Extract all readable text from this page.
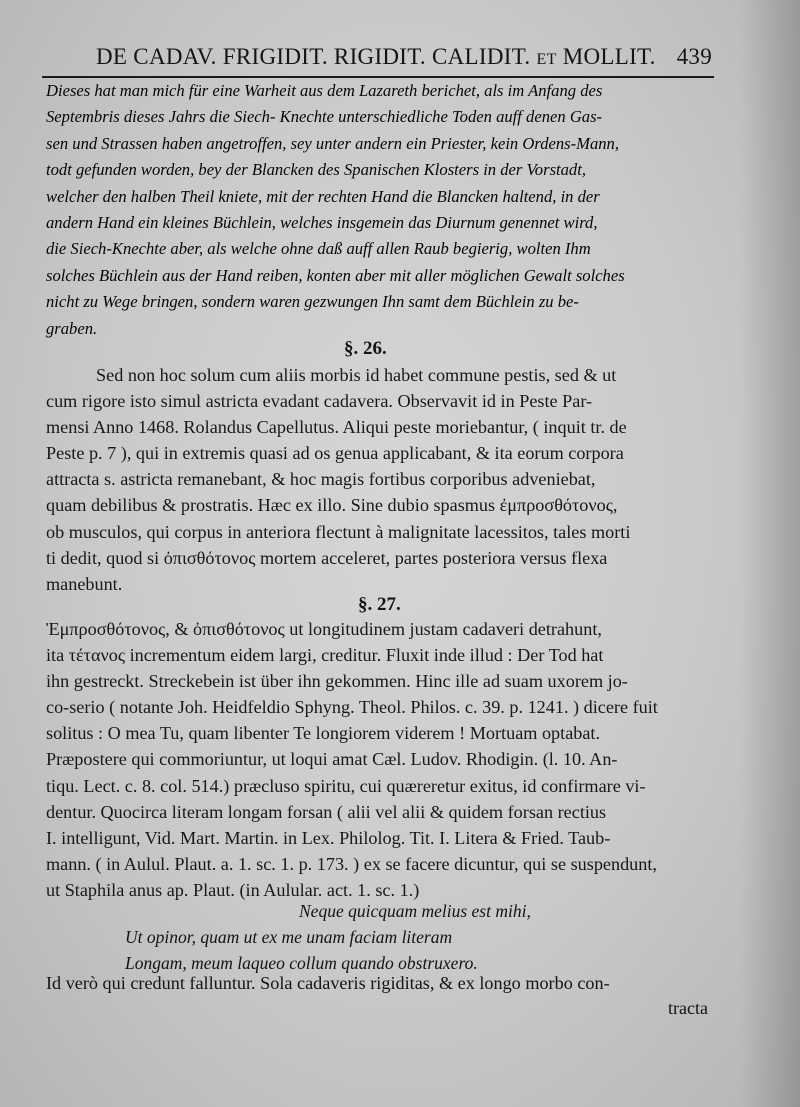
DE CADAV. FRIGIDIT. RIGIDIT. CALIDIT. ET MOLLIT. 439
Dieses hat man mich für eine Warheit aus dem Lazareth berichet, als im Anfang des
Septembris dieses Jahrs die Siech- Knechte unterschiedliche Toden auff denen Gas-
sen und Strassen haben angetroffen, sey unter andern ein Priester, kein Ordens-Mann,
todt gefunden worden, bey der Blancken des Spanischen Klosters in der Vorstadt,
welcher den halben Theil kniete, mit der rechten Hand die Blancken haltend, in der
andern Hand ein kleines Büchlein, welches insgemein das Diurnum genennet wird,
die Siech-Knechte aber, als welche ohne daß auff allen Raub begierig, wolten Ihm
solches Büchlein aus der Hand reiben, konten aber mit aller möglichen Gewalt solches
nicht zu Wege bringen, sondern waren gezwungen Ihn samt dem Büchlein zu be-
graben.
§. 26.
Sed non hoc solum cum aliis morbis id habet commune pestis, sed & ut
cum rigore isto simul astricta evadant cadavera. Observavit id in Peste Par-
mensi Anno 1468. Rolandus Capellutus. Aliqui peste moriebantur, ( inquit tr. de
Peste p. 7 ), qui in extremis quasi ad os genua applicabant, & ita eorum corpora
attracta s. astricta remanebant, & hoc magis fortibus corporibus adveniebat,
quam debilibus & prostratis. Hæc ex illo. Sine dubio spasmus ἐμπροσθότονος,
ob musculos, qui corpus in anteriora flectunt à malignitate lacessitos, tales morti
ti dedit, quod si ὀπισθότονος mortem acceleret, partes posteriora versus flexa
manebunt.
§. 27.
Ἐμπροσθότονος, & ὀπισθότονος ut longitudinem justam cadaveri detrahunt,
ita τέτανος incrementum eidem largi, creditur. Fluxit inde illud : Der Tod hat
ihn gestreckt. Streckebein ist über ihn gekommen. Hinc ille ad suam uxorem jo-
co-serio ( notante Joh. Heidfeldio Sphyng. Theol. Philos. c. 39. p. 1241. ) dicere fuit
solitus : O mea Tu, quam libenter Te longiorem viderem ! Mortuam optabat.
Præpostere qui commoriuntur, ut loqui amat Cæl. Ludov. Rhodigin. (l. 10. An-
tiqu. Lect. c. 8. col. 514.) præcluso spiritu, cui quæreretur exitus, id confirmare vi-
dentur. Quocirca literam longam forsan ( alii vel alii & quidem forsan rectius
I. intelligunt, Vid. Mart. Martin. in Lex. Philolog. Tit. I. Litera & Fried. Taub-
mann. ( in Aulul. Plaut. a. 1. sc. 1. p. 173. ) ex se facere dicuntur, qui se suspendunt,
ut Staphila anus ap. Plaut. (in Aulular. act. 1. sc. 1.)
Neque quicquam melius est mihi,
Ut opinor, quam ut ex me unam faciam literam
Longam, meum laqueo collum quando obstruxero.
Id verò qui credunt falluntur. Sola cadaveris rigiditas, & ex longo morbo con-
tracta
